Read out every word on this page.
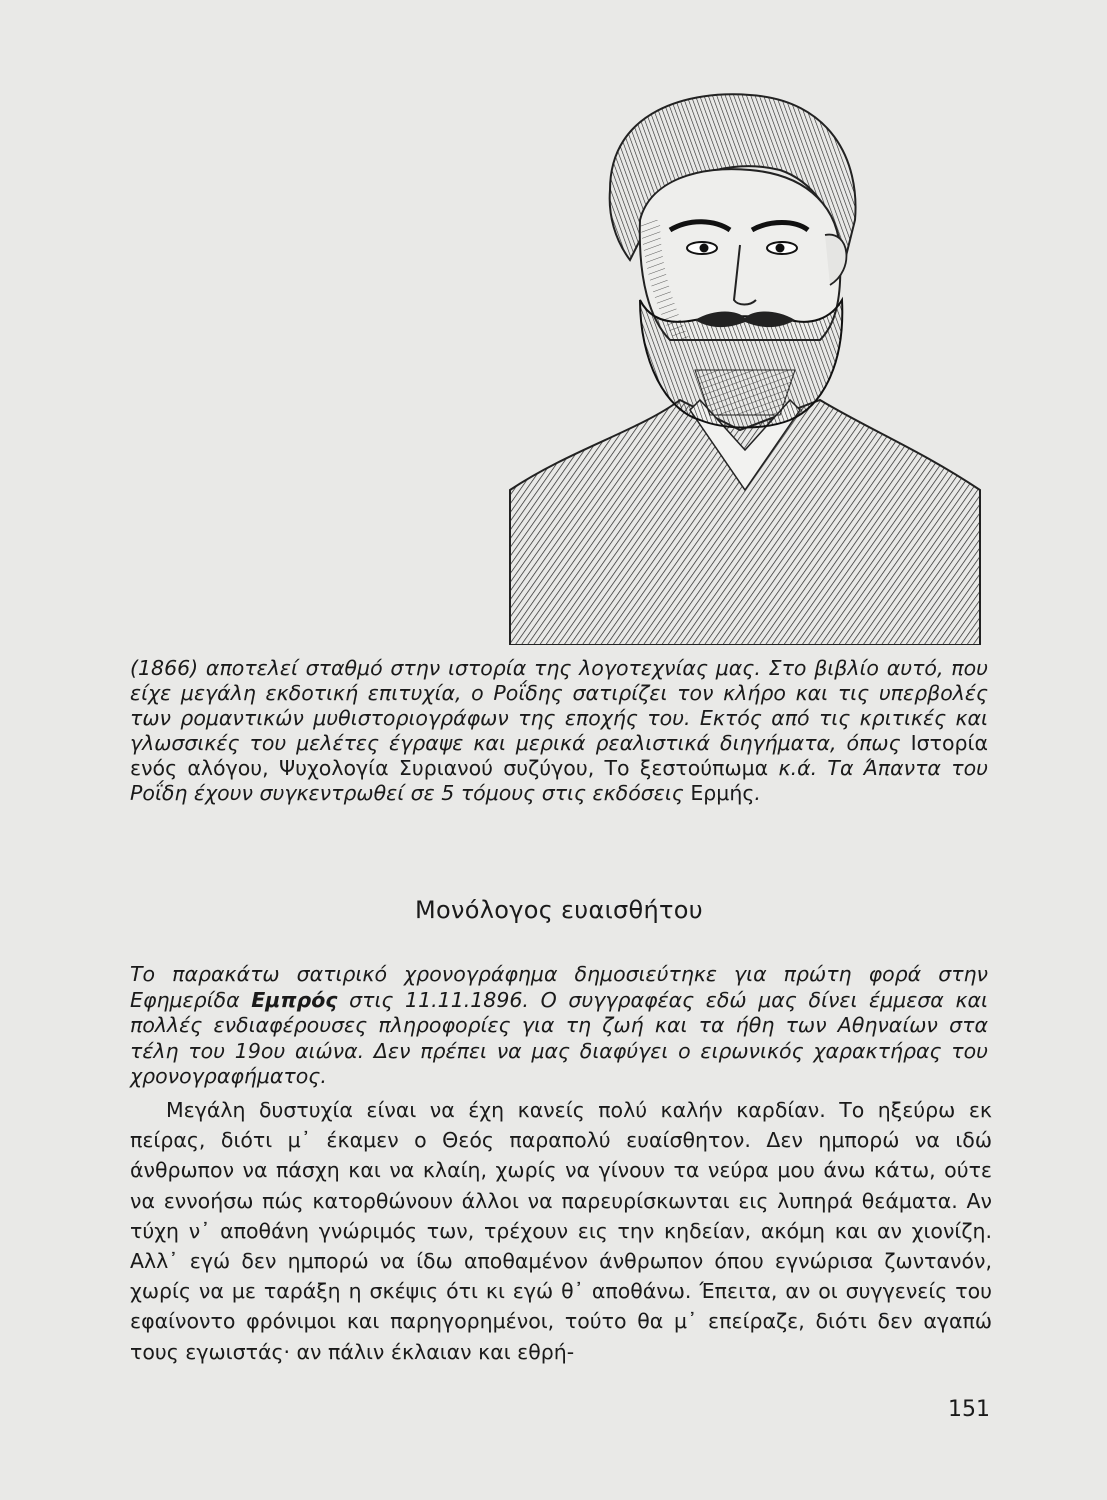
(1866) αποτελεί σταθμό στην ιστορία της λογοτεχνίας μας. Στο βιβλίο αυτό, που είχε μεγάλη εκδοτική επιτυχία, ο Ροΐδης σατιρίζει τον κλήρο και τις υπερβολές των ρομαντικών μυθιστοριογράφων της εποχής του. Εκτός από τις κριτικές και γλωσσικές του μελέτες έγραψε και μερικά ρεαλιστικά διηγήματα, όπως Ιστορία ενός αλόγου, Ψυχολογία Συριανού συζύγου, Το ξεστούπωμα κ.ά. Τα Άπαντα του Ροΐδη έχουν συγκεντρωθεί σε 5 τόμους στις εκδόσεις Ερμής.
Μονόλογος ευαισθήτου
Το παρακάτω σατιρικό χρονογράφημα δημοσιεύτηκε για πρώτη φορά στην Εφημερίδα Εμπρός στις 11.11.1896. Ο συγγραφέας εδώ μας δίνει έμμεσα και πολλές ενδιαφέρουσες πληροφορίες για τη ζωή και τα ήθη των Αθηναίων στα τέλη του 19ου αιώνα. Δεν πρέπει να μας διαφύγει ο ειρωνικός χαρακτήρας του χρονογραφήματος.
Μεγάλη δυστυχία είναι να έχη κανείς πολύ καλήν καρδίαν. Το ηξεύρω εκ πείρας, διότι μ᾽ έκαμεν ο Θεός παραπολύ ευαίσθητον. Δεν ημπορώ να ιδώ άνθρωπον να πάσχη και να κλαίη, χωρίς να γίνουν τα νεύρα μου άνω κάτω, ούτε να εννοήσω πώς κατορθώνουν άλλοι να παρευρίσκωνται εις λυπηρά θεάματα. Αν τύχη ν᾽ αποθάνη γνώριμός των, τρέχουν εις την κηδείαν, ακόμη και αν χιονίζη. Αλλ᾽ εγώ δεν ημπορώ να ίδω αποθαμένον άνθρωπον όπου εγνώρισα ζωντανόν, χωρίς να με ταράξη η σκέψις ότι κι εγώ θ᾽ αποθάνω. Έπειτα, αν οι συγγενείς του εφαίνοντο φρόνιμοι και παρηγορημένοι, τούτο θα μ᾽ επείραζε, διότι δεν αγαπώ τους εγωιστάς· αν πάλιν έκλαιαν και εθρή-
151
